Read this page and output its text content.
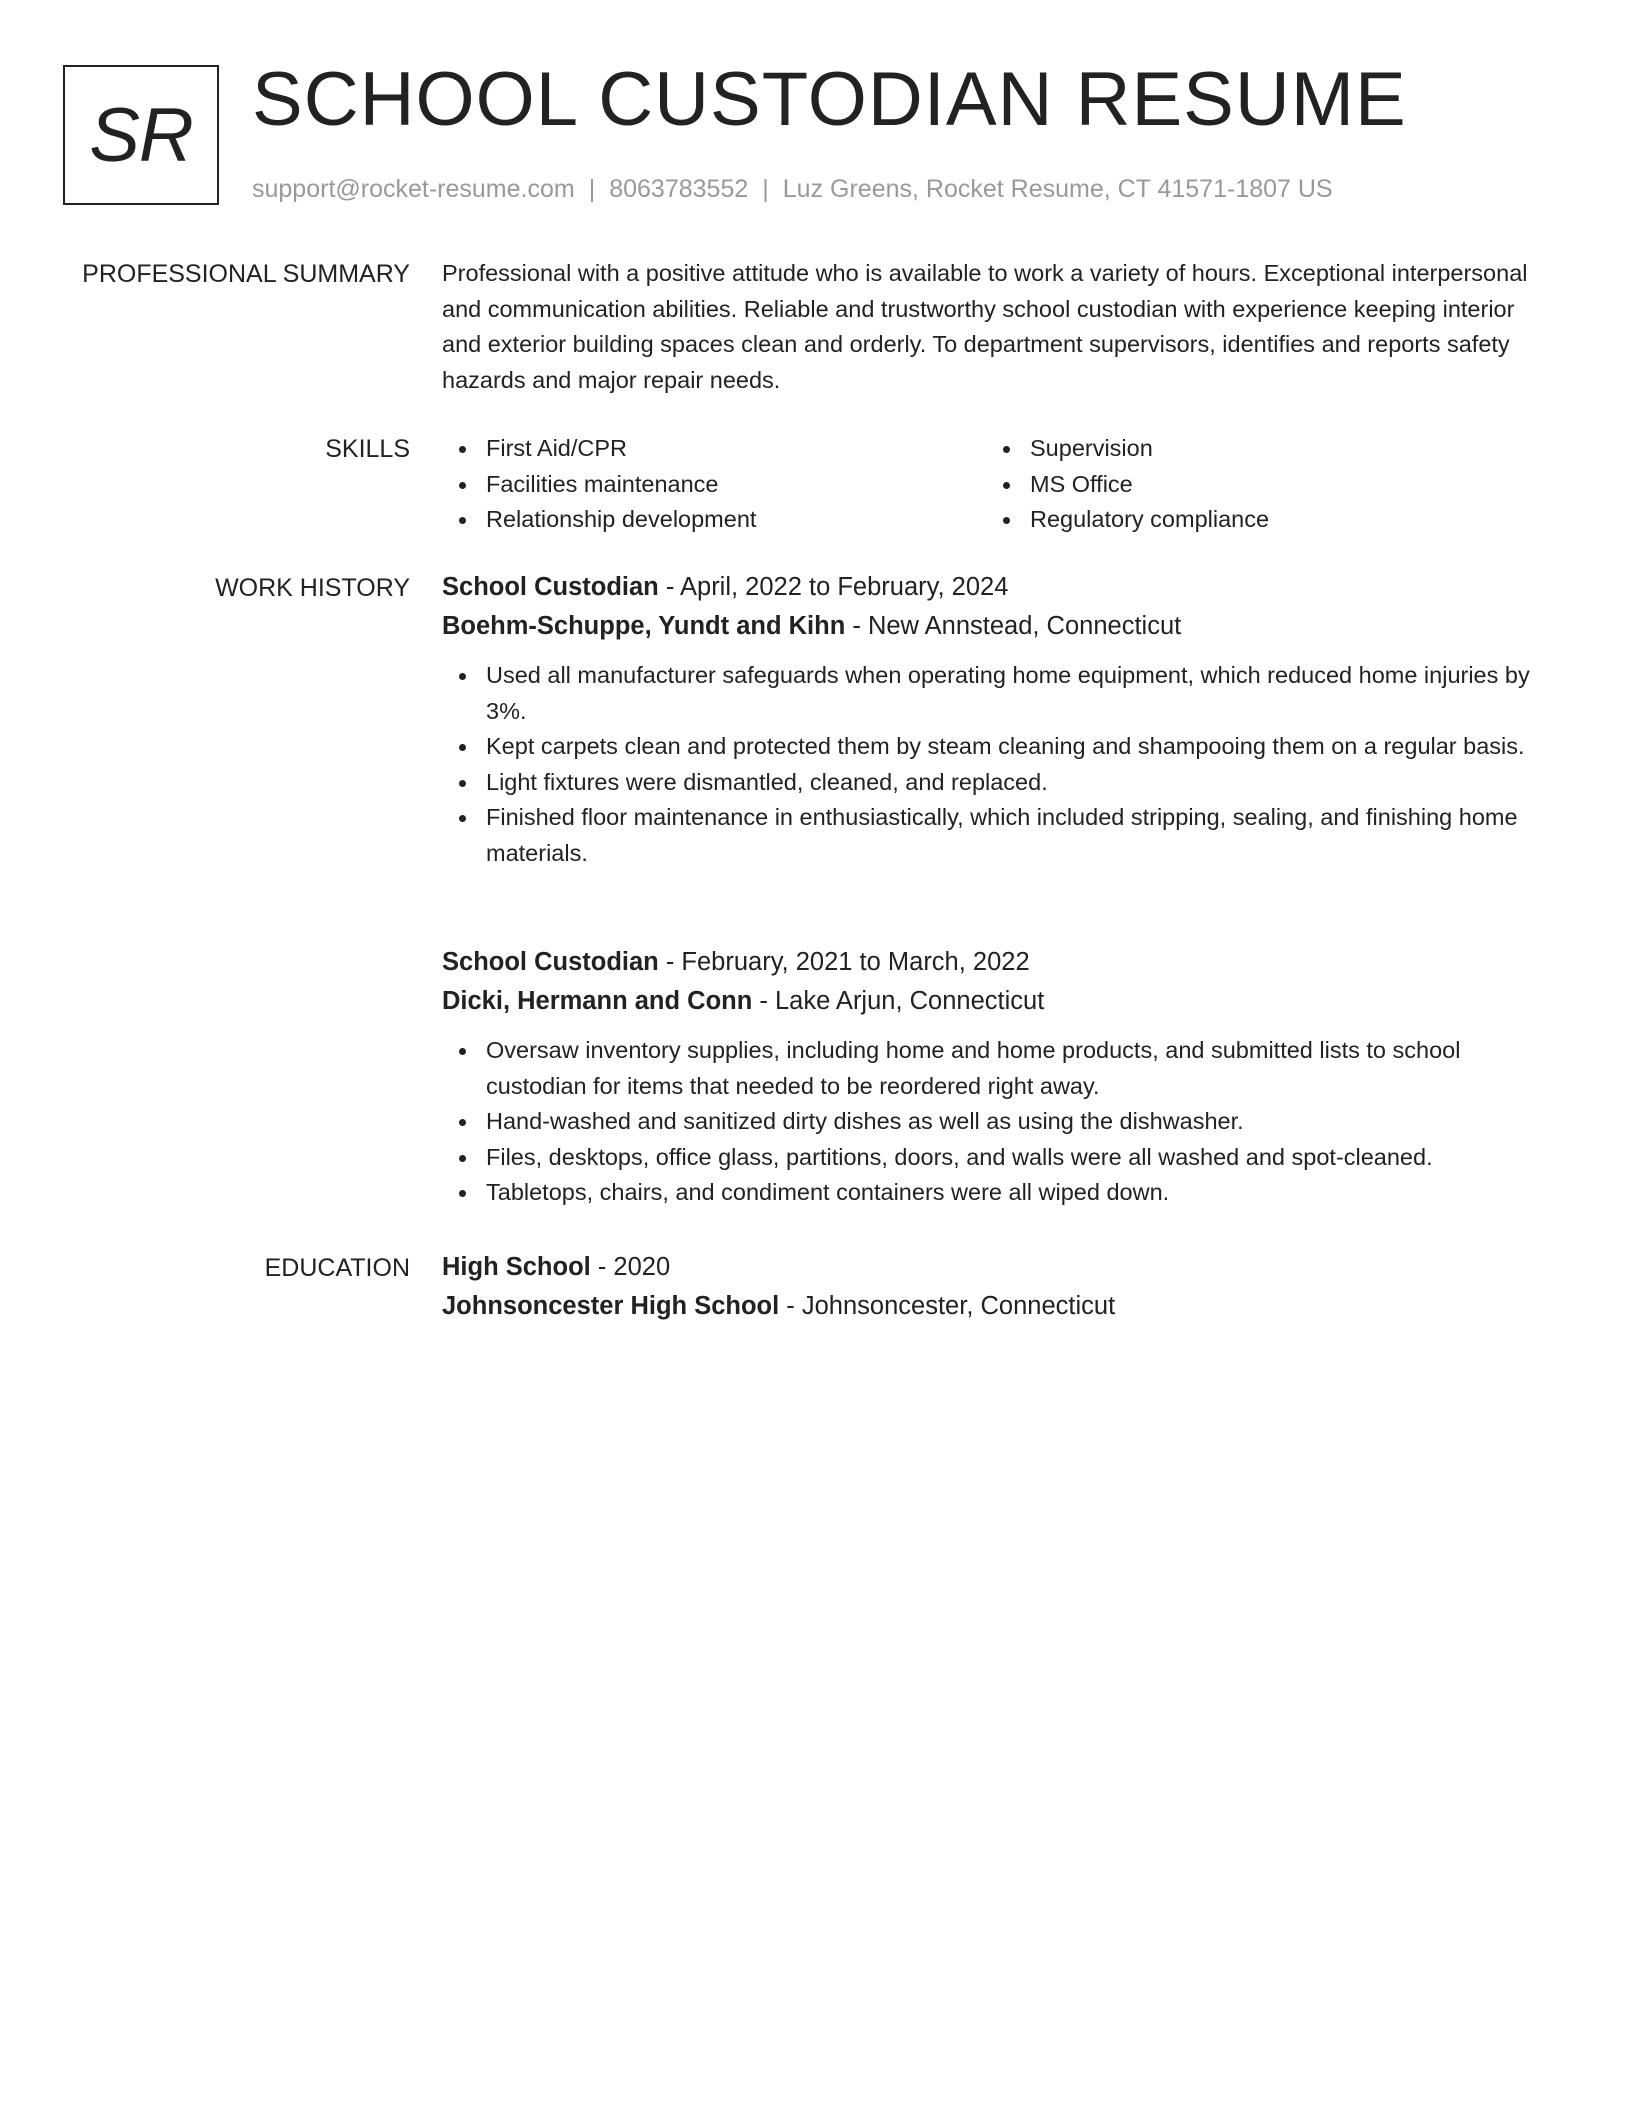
SR SCHOOL CUSTODIAN RESUME
support@rocket-resume.com | 8063783552 | Luz Greens, Rocket Resume, CT 41571-1807 US
PROFESSIONAL SUMMARY Professional with a positive attitude who is available to work a variety of hours. Exceptional interpersonal and communication abilities. Reliable and trustworthy school custodian with experience keeping interior and exterior building spaces clean and orderly. To department supervisors, identifies and reports safety hazards and major repair needs.

SKILLS	First Aid/CPR
Facilities maintenance
Relationship development
Supervision
MS Office
Regulatory compliance
WORK HISTORY School Custodian - April, 2022 to February, 2024
Boehm-Schuppe, Yundt and Kihn - New Annstead, Connecticut
Used all manufacturer safeguards when operating home equipment, which reduced home injuries by 3%.
Kept carpets clean and protected them by steam cleaning and shampooing them on a regular basis.
Light fixtures were dismantled, cleaned, and replaced.
Finished floor maintenance in enthusiastically, which included stripping, sealing, and finishing home materials.
School Custodian - February, 2021 to March, 2022
Dicki, Hermann and Conn - Lake Arjun, Connecticut
Oversaw inventory supplies, including home and home products, and submitted lists to school custodian for items that needed to be reordered right away.
Hand-washed and sanitized dirty dishes as well as using the dishwasher.
Files, desktops, office glass, partitions, doors, and walls were all washed and spot-cleaned.
Tabletops, chairs, and condiment containers were all wiped down.
EDUCATION High School - 2020
Johnsoncester High School - Johnsoncester, Connecticut
